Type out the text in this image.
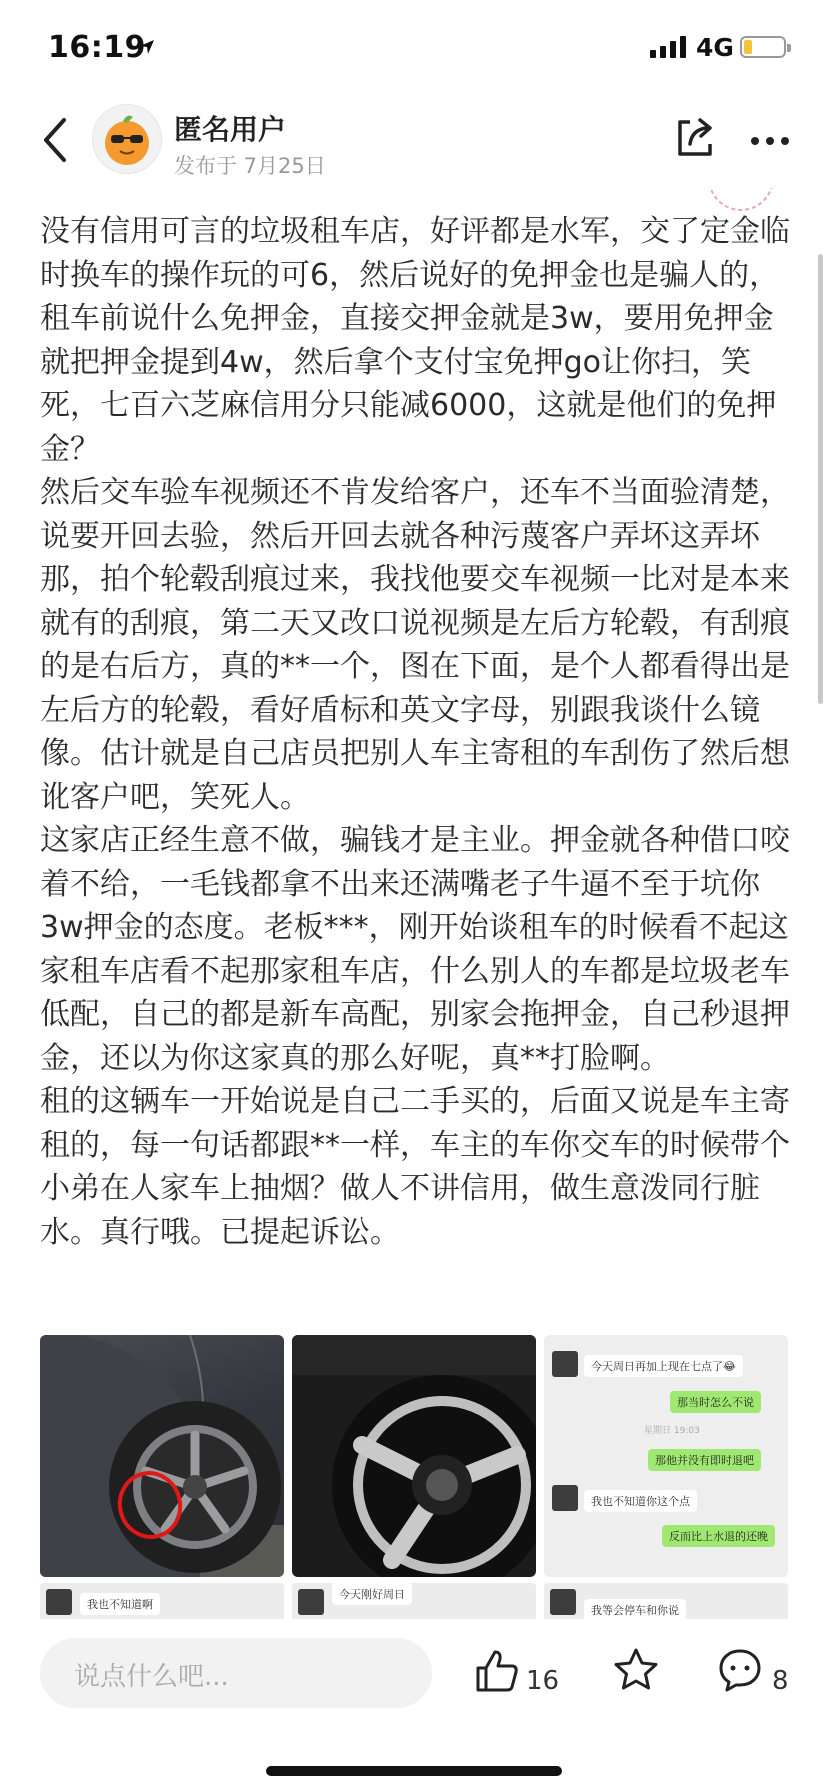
16:19	4G
匿名用户
发布于 7月25日

没有信用可言的垃圾租车店，好评都是水军，交了定金临时换车的操作玩的可6，然后说好的免押金也是骗人的，租车前说什么免押金，直接交押金就是3w，要用免押金就把押金提到4w，然后拿个支付宝免押go让你扫，笑死，七百六芝麻信用分只能减6000，这就是他们的免押金？

然后交车验车视频还不肯发给客户，还车不当面验清楚，说要开回去验，然后开回去就各种污蔑客户弄坏这弄坏那，拍个轮毂刮痕过来，我找他要交车视频一比对是本来就有的刮痕，第二天又改口说视频是左后方轮毂，有刮痕的是右后方，真的**一个，图在下面，是个人都看得出是左后方的轮毂，看好盾标和英文字母，别跟我谈什么镜像。估计就是自己店员把别人车主寄租的车刮伤了然后想讹客户吧，笑死人。

这家店正经生意不做，骗钱才是主业。押金就各种借口咬着不给，一毛钱都拿不出来还满嘴老子牛逼不至于坑你3w押金的态度。老板***，刚开始谈租车的时候看不起这家租车店看不起那家租车店，什么别人的车都是垃圾老车低配，自己的都是新车高配，别家会拖押金，自己秒退押金，还以为你这家真的那么好呢，真**打脸啊。

租的这辆车一开始说是自己二手买的，后面又说是车主寄租的，每一句话都跟**一样，车主的车你交车的时候带个小弟在人家车上抽烟？做人不讲信用，做生意泼同行脏水。真行哦。已提起诉讼。

今天周日再加上现在七点了😂
那当时怎么不说
星期日 19:03
那他并没有即时退吧
我也不知道你这个点
反而比上水退的还晚
我也不知道啊
今天刚好周日
我等会停车和你说
说点什么吧...	16	8
